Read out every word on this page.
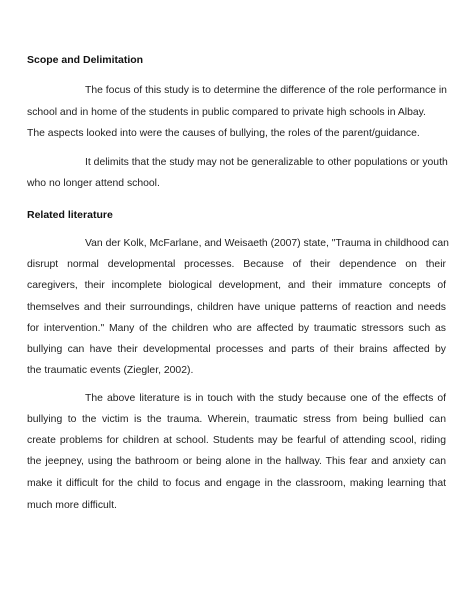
Scope and Delimitation
The focus of this study is to determine the difference of the role performance in
school and in home of the students in public compared to private high schools in Albay.
The aspects looked into were the causes of bullying, the roles of the parent/guidance.
It delimits that the study may not be generalizable to other populations or youth
who no longer attend school.
Related literature
Van der Kolk, McFarlane, and Weisaeth (2007) state, "Trauma in childhood can
disrupt normal developmental processes. Because of their dependence on their
caregivers, their incomplete biological development, and their immature concepts of
themselves and their surroundings, children have unique patterns of reaction and needs
for intervention." Many of the children who are affected by traumatic stressors such as
bullying can have their developmental processes and parts of their brains affected by
the traumatic events (Ziegler, 2002).
The above literature is in touch with the study because one of the effects of
bullying to the victim is the trauma. Wherein, traumatic stress from being bullied can
create problems for children at school. Students may be fearful of attending scool, riding
the jeepney, using the bathroom or being alone in the hallway. This fear and anxiety can
make it difficult for the child to focus and engage in the classroom, making learning that
much more difficult.
